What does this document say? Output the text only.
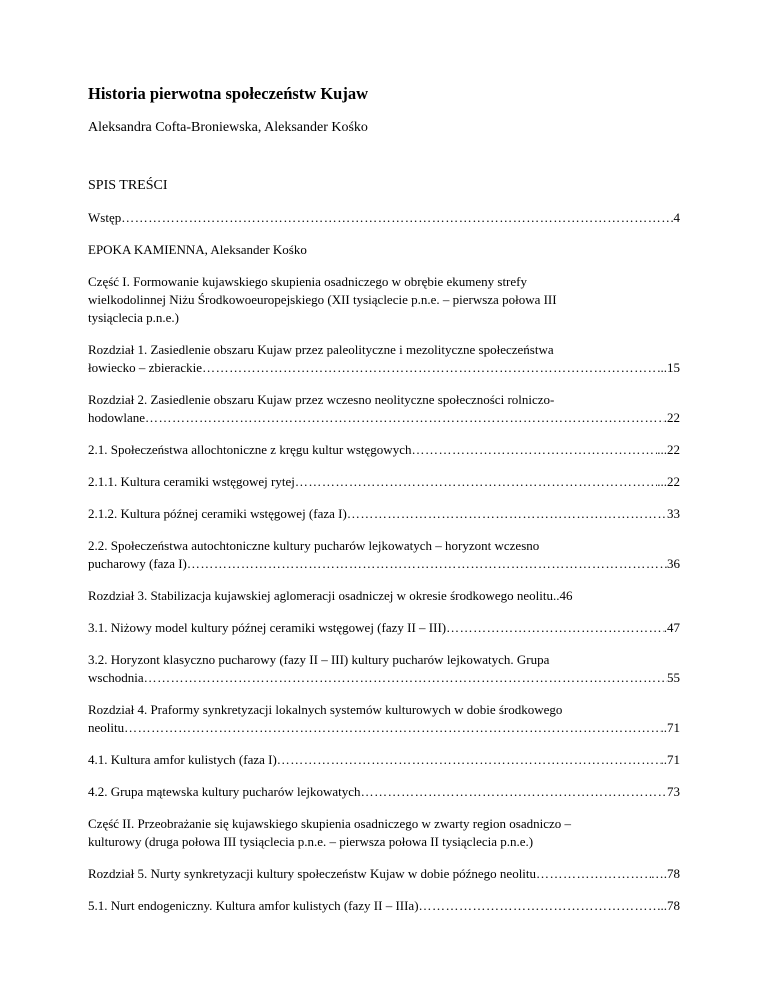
Historia pierwotna społeczeństw Kujaw
Aleksandra Cofta-Broniewska, Aleksander Kośko
SPIS TREŚCI
Wstęp …………………………………………………………………………………………………………………………………………………………………………………………………………………………	4
EPOKA KAMIENNA, Aleksander Kośko
Część I. Formowanie kujawskiego skupienia osadniczego w obrębie ekumeny strefy
wielkodolinnej Niżu Środkowoeuropejskiego (XII tysiąclecie p.n.e. – pierwsza połowa III
tysiąclecia p.n.e.)
Rozdział 1. Zasiedlenie obszaru Kujaw przez paleolityczne i mezolityczne społeczeństwa
łowiecko – zbierackie …………………………………………………………………………………………………………………………………………………………………………………………………………………………	...15
Rozdział 2. Zasiedlenie obszaru Kujaw przez wczesno neolityczne społeczności rolniczo-
hodowlane …………………………………………………………………………………………………………………………………………………………………………………………………………………………	.22
2.1. Społeczeństwa allochtoniczne z kręgu kultur wstęgowych …………………………………………………………………………………………………………………………………………………………………………………………………………………………	...22
2.1.1. Kultura ceramiki wstęgowej rytej …………………………………………………………………………………………………………………………………………………………………………………………………………………………	...22
2.1.2. Kultura późnej ceramiki wstęgowej (faza I) …………………………………………………………………………………………………………………………………………………………………………………………………………………………	33
2.2. Społeczeństwa autochtoniczne kultury pucharów lejkowatych – horyzont wczesno
pucharowy (faza I) …………………………………………………………………………………………………………………………………………………………………………………………………………………………	36
Rozdział 3. Stabilizacja kujawskiej aglomeracji osadniczej w okresie środkowego neolitu..46
3.1. Niżowy model kultury późnej ceramiki wstęgowej (fazy II – III) …………………………………………………………………………………………………………………………………………………………………………………………………………………………	.47
3.2. Horyzont klasyczno pucharowy (fazy II – III) kultury pucharów lejkowatych. Grupa
wschodnia …………………………………………………………………………………………………………………………………………………………………………………………………………………………	55
Rozdział 4. Praformy synkretyzacji lokalnych systemów kulturowych w dobie środkowego
neolitu …………………………………………………………………………………………………………………………………………………………………………………………………………………………	..71
4.1. Kultura amfor kulistych (faza I) …………………………………………………………………………………………………………………………………………………………………………………………………………………………	..71
4.2. Grupa mątewska kultury pucharów lejkowatych …………………………………………………………………………………………………………………………………………………………………………………………………………………………	73
Część II. Przeobrażanie się kujawskiego skupienia osadniczego w zwarty region osadniczo –
kulturowy (druga połowa III tysiąclecia p.n.e. – pierwsza połowa II tysiąclecia p.n.e.)
Rozdział 5. Nurty synkretyzacji kultury społeczeństw Kujaw w dobie późnego neolitu …………………………………………………………………………………………………………………………………………………………………………………………………………………………	….78
5.1. Nurt endogeniczny. Kultura amfor kulistych (fazy II – IIIa) …………………………………………………………………………………………………………………………………………………………………………………………………………………………	..78
